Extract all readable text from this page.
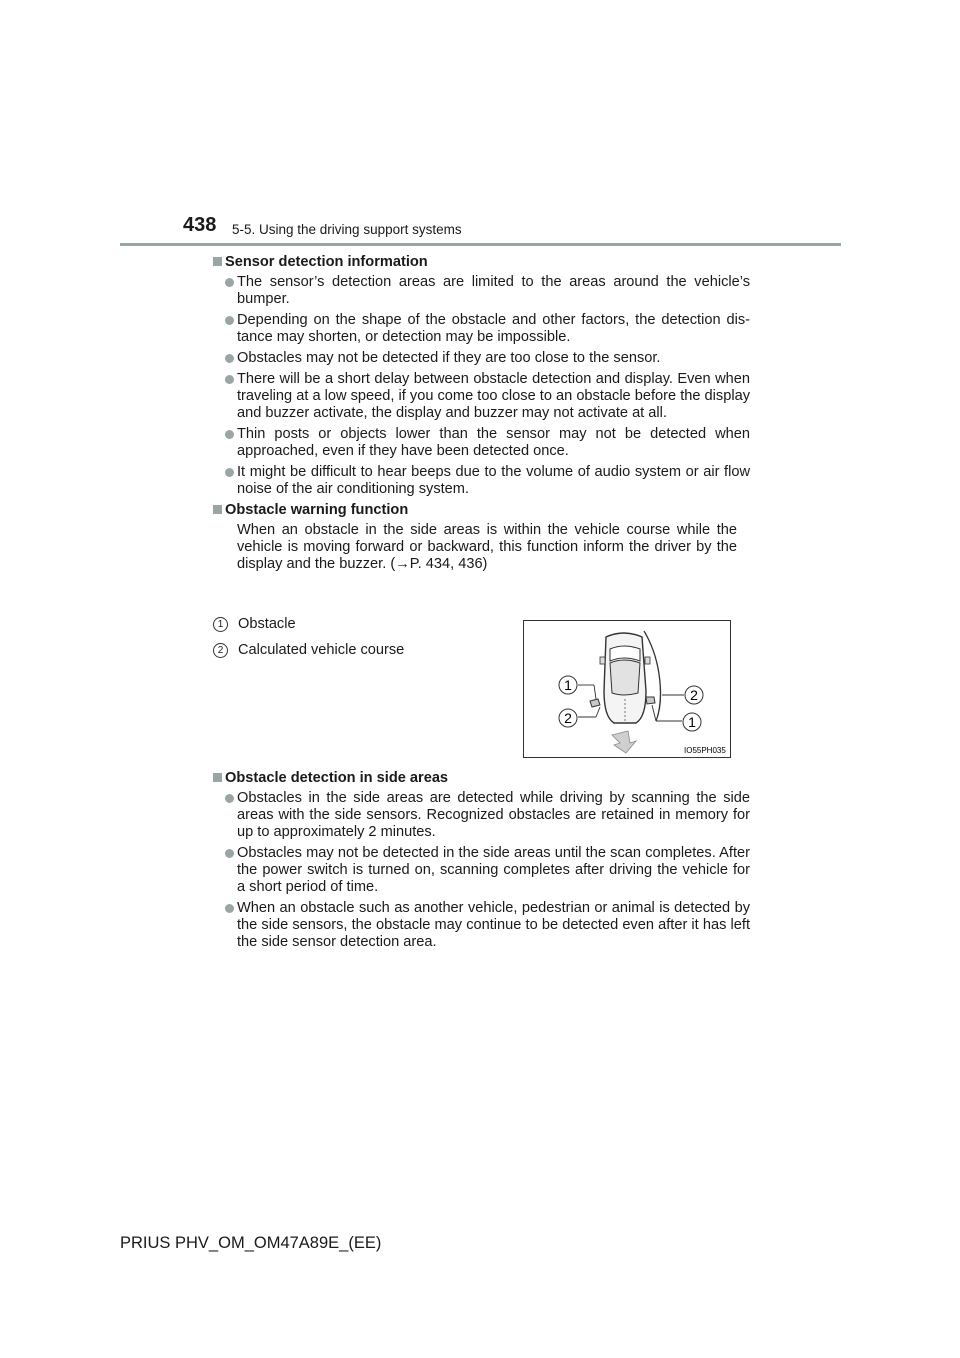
438 5-5. Using the driving support systems
Sensor detection information
The sensor’s detection areas are limited to the areas around the vehicle’s bumper.
Depending on the shape of the obstacle and other factors, the detection dis-tance may shorten, or detection may be impossible.
Obstacles may not be detected if they are too close to the sensor.
There will be a short delay between obstacle detection and display. Even when traveling at a low speed, if you come too close to an obstacle before the display and buzzer activate, the display and buzzer may not activate at all.
Thin posts or objects lower than the sensor may not be detected when approached, even if they have been detected once.
It might be difficult to hear beeps due to the volume of audio system or air flow noise of the air conditioning system.
Obstacle warning function
When an obstacle in the side areas is within the vehicle course while the vehicle is moving forward or backward, this function inform the driver by the display and the buzzer. (→P. 434, 436)
1	Obstacle
2	Calculated vehicle course
1
2
2
1
IO55PH035
Obstacle detection in side areas
Obstacles in the side areas are detected while driving by scanning the side areas with the side sensors. Recognized obstacles are retained in memory for up to approximately 2 minutes.
Obstacles may not be detected in the side areas until the scan completes. After the power switch is turned on, scanning completes after driving the vehicle for a short period of time.
When an obstacle such as another vehicle, pedestrian or animal is detected by the side sensors, the obstacle may continue to be detected even after it has left the side sensor detection area.
PRIUS PHV_OM_OM47A89E_(EE)
